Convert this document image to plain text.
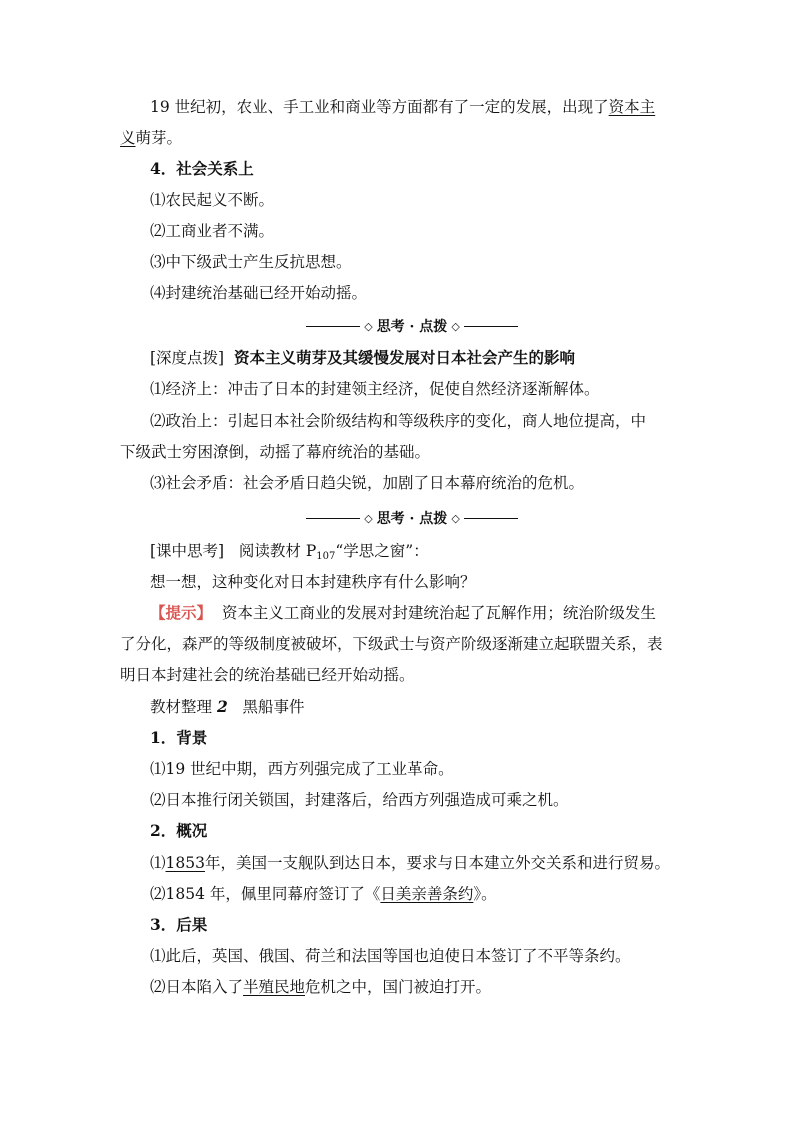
19 世纪初，农业、手工业和商业等方面都有了一定的发展，出现了资本主
义萌芽。
4．社会关系上
⑴农民起义不断。
⑵工商业者不满。
⑶中下级武士产生反抗思想。
⑷封建统治基础已经开始动摇。
◇ 思考 · 点拨 ◇
[深度点拨] 资本主义萌芽及其缓慢发展对日本社会产生的影响
⑴经济上：冲击了日本的封建领主经济，促使自然经济逐渐解体。
⑵政治上：引起日本社会阶级结构和等级秩序的变化，商人地位提高，中
下级武士穷困潦倒，动摇了幕府统治的基础。
⑶社会矛盾：社会矛盾日趋尖锐，加剧了日本幕府统治的危机。
◇ 思考 · 点拨 ◇
[课中思考] 阅读教材 $P_{107}“$学思之窗”：
想一想，这种变化对日本封建秩序有什么影响？
【提示】 资本主义工商业的发展对封建统治起了瓦解作用；统治阶级发生
了分化，森严的等级制度被破坏，下级武士与资产阶级逐渐建立起联盟关系，表
明日本封建社会的统治基础已经开始动摇。
教材整理 2 黑船事件
1．背景
⑴19 世纪中期，西方列强完成了工业革命。
⑵日本推行闭关锁国，封建落后，给西方列强造成可乘之机。
2．概况
⑴1853年，美国一支舰队到达日本，要求与日本建立外交关系和进行贸易。
⑵1854 年，佩里同幕府签订了《日美亲善条约》。
3．后果
⑴此后，英国、俄国、荷兰和法国等国也迫使日本签订了不平等条约。
⑵日本陷入了半殖民地危机之中，国门被迫打开。
